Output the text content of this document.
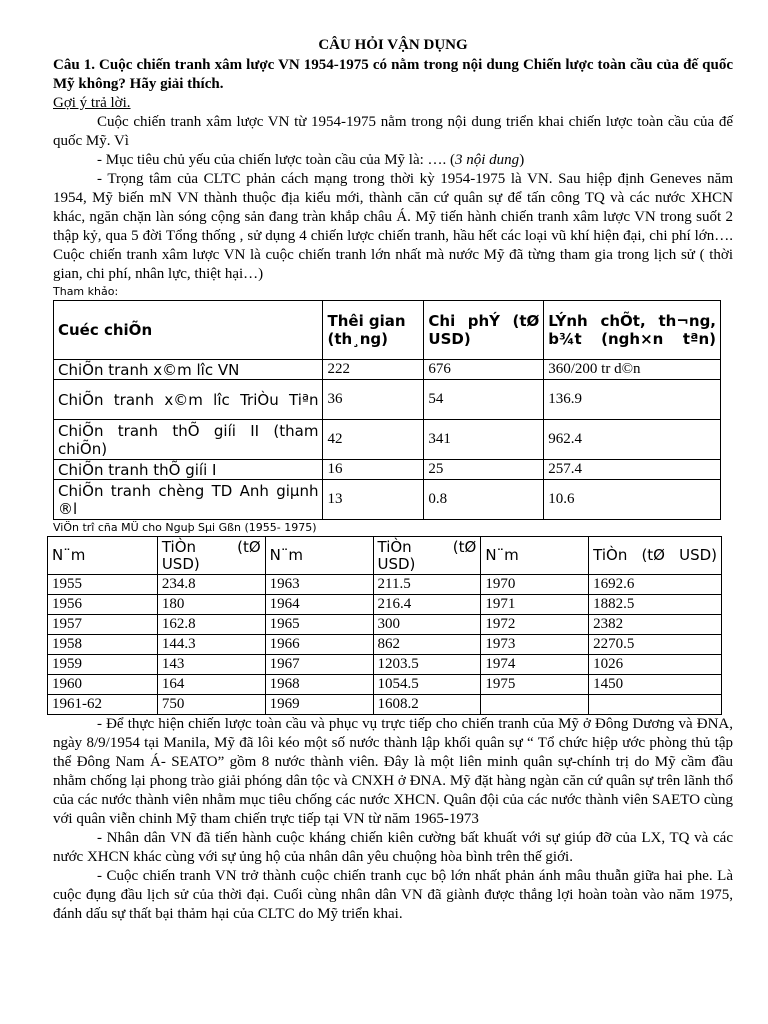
CÂU HỎI VẬN DỤNG

Câu 1. Cuộc chiến tranh xâm lược VN 1954-1975 có nằm trong nội dung Chiến lược toàn cầu của đế quốc Mỹ không? Hãy giải thích.

Gợi ý trả lời.

Cuộc chiến tranh xâm lược VN từ 1954-1975 nằm trong nội dung triển khai chiến lược toàn cầu của đế quốc Mỹ. Vì

- Mục tiêu chủ yếu của chiến lược toàn cầu của Mỹ là: …. (3 nội dung)

- Trọng tâm của CLTC phản cách mạng trong thời kỳ 1954-1975 là VN. Sau hiệp định Geneves năm 1954, Mỹ biến mN VN thành thuộc địa kiểu mới, thành căn cứ quân sự để tấn công TQ và các nước XHCN khác, ngăn chặn làn sóng cộng sản đang tràn khắp châu Á. Mỹ tiến hành chiến tranh xâm lược VN trong suốt 2 thập kỷ, qua 5 đời Tổng thống , sử dụng 4 chiến lược chiến tranh, hầu hết các loại vũ khí hiện đại, chi phí lớn…. Cuộc chiến tranh xâm lược VN là cuộc chiến tranh lớn nhất mà nước Mỹ đã từng tham gia trong lịch sử ( thời gian, chi phí, nhân lực, thiệt hại…)

Tham khảo:
Cuéc chiÕn	Thêi gian (th¸ng)	Chi phÝ (tØ USD)	LÝnh chÕt, th¬ng, b¾t (ngh×n tªn)
ChiÕn tranh x©m lîc VN	222	676	360/200 tr d©n
ChiÕn tranh x©m lîc TriÒu Tiªn	36	54	136.9
ChiÕn tranh thÕ giíi II (tham chiÕn)	42	341	962.4
ChiÕn tranh thÕ giíi I	16	25	257.4
ChiÕn tranh chèng TD Anh giµnh ®l	13	0.8	10.6
ViÖn trî cña MÜ cho Nguþ Sµi Gßn (1955- 1975)
N¨m	TiÒn (tØ USD)	N¨m	TiÒn (tØ USD)	N¨m	TiÒn (tØ USD)
1955	234.8	1963	211.5	1970	1692.6
1956	180	1964	216.4	1971	1882.5
1957	162.8	1965	300	1972	2382
1958	144.3	1966	862	1973	2270.5
1959	143	1967	1203.5	1974	1026
1960	164	1968	1054.5	1975	1450
1961-62	750	1969	1608.2		

- Để thực hiện chiến lược toàn cầu và phục vụ trực tiếp cho chiến tranh của Mỹ ở Đông Dương và ĐNA, ngày 8/9/1954 tại Manila, Mỹ đã lôi kéo một số nước thành lập khối quân sự “ Tổ chức hiệp ước phòng thủ tập thể Đông Nam Á- SEATO” gồm 8 nước thành viên. Đây là một liên minh quân sự-chính trị do Mỹ cầm đầu nhằm chống lại phong trào giải phóng dân tộc và CNXH ở ĐNA. Mỹ đặt hàng ngàn căn cứ quân sự trên lãnh thổ của các nước thành viên nhằm mục tiêu chống các nước XHCN. Quân đội của các nước thành viên SAETO cùng với quân viễn chinh Mỹ tham chiến trực tiếp tại VN từ năm 1965-1973

- Nhân dân VN đã tiến hành cuộc kháng chiến kiên cường bất khuất với sự giúp đỡ của LX, TQ và các nước XHCN khác cùng với sự ủng hộ của nhân dân yêu chuộng hòa bình trên thế giới.

- Cuộc chiến tranh VN trở thành cuộc chiến tranh cục bộ lớn nhất phản ánh mâu thuẫn giữa hai phe. Là cuộc đụng đầu lịch sử của thời đại. Cuối cùng nhân dân VN đã giành được thắng lợi hoàn toàn vào năm 1975, đánh dấu sự thất bại thảm hại của CLTC do Mỹ triển khai.
